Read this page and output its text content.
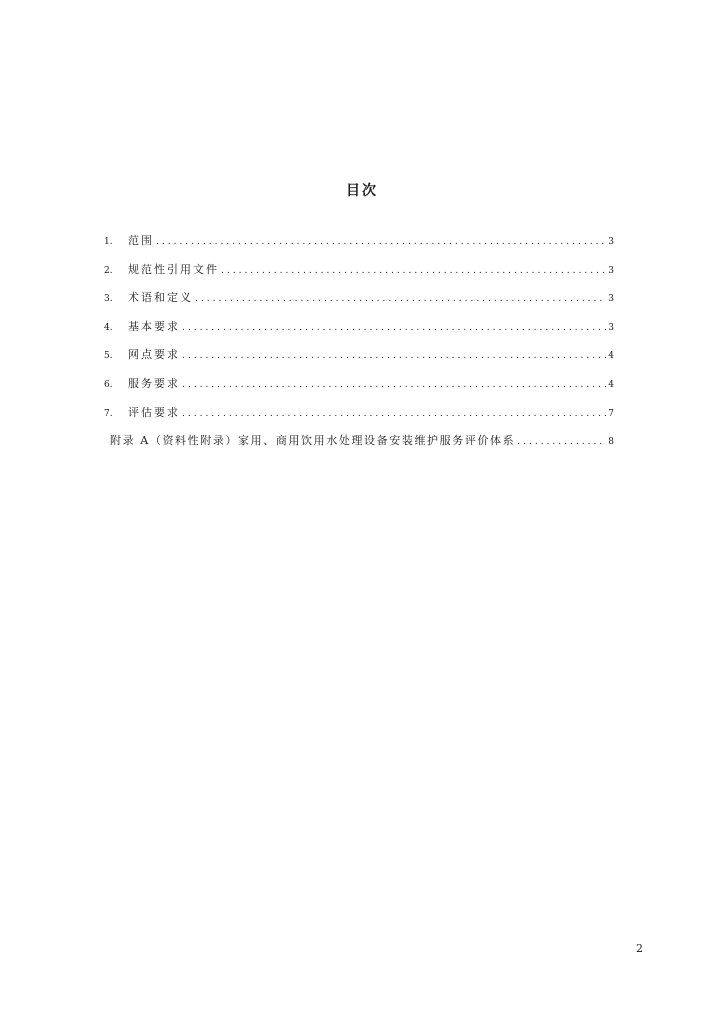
目次
1.	范围 .....	3
2.	规范性引用文件 .....	3
3.	术语和定义 .....	3
4.	基本要求 .....	3
5.	网点要求 .....	4
6.	服务要求 .....	4
7.	评估要求 .....	7
附录 A（资料性附录）家用、商用饮用水处理设备安装维护服务评价体系 .....	8
2
